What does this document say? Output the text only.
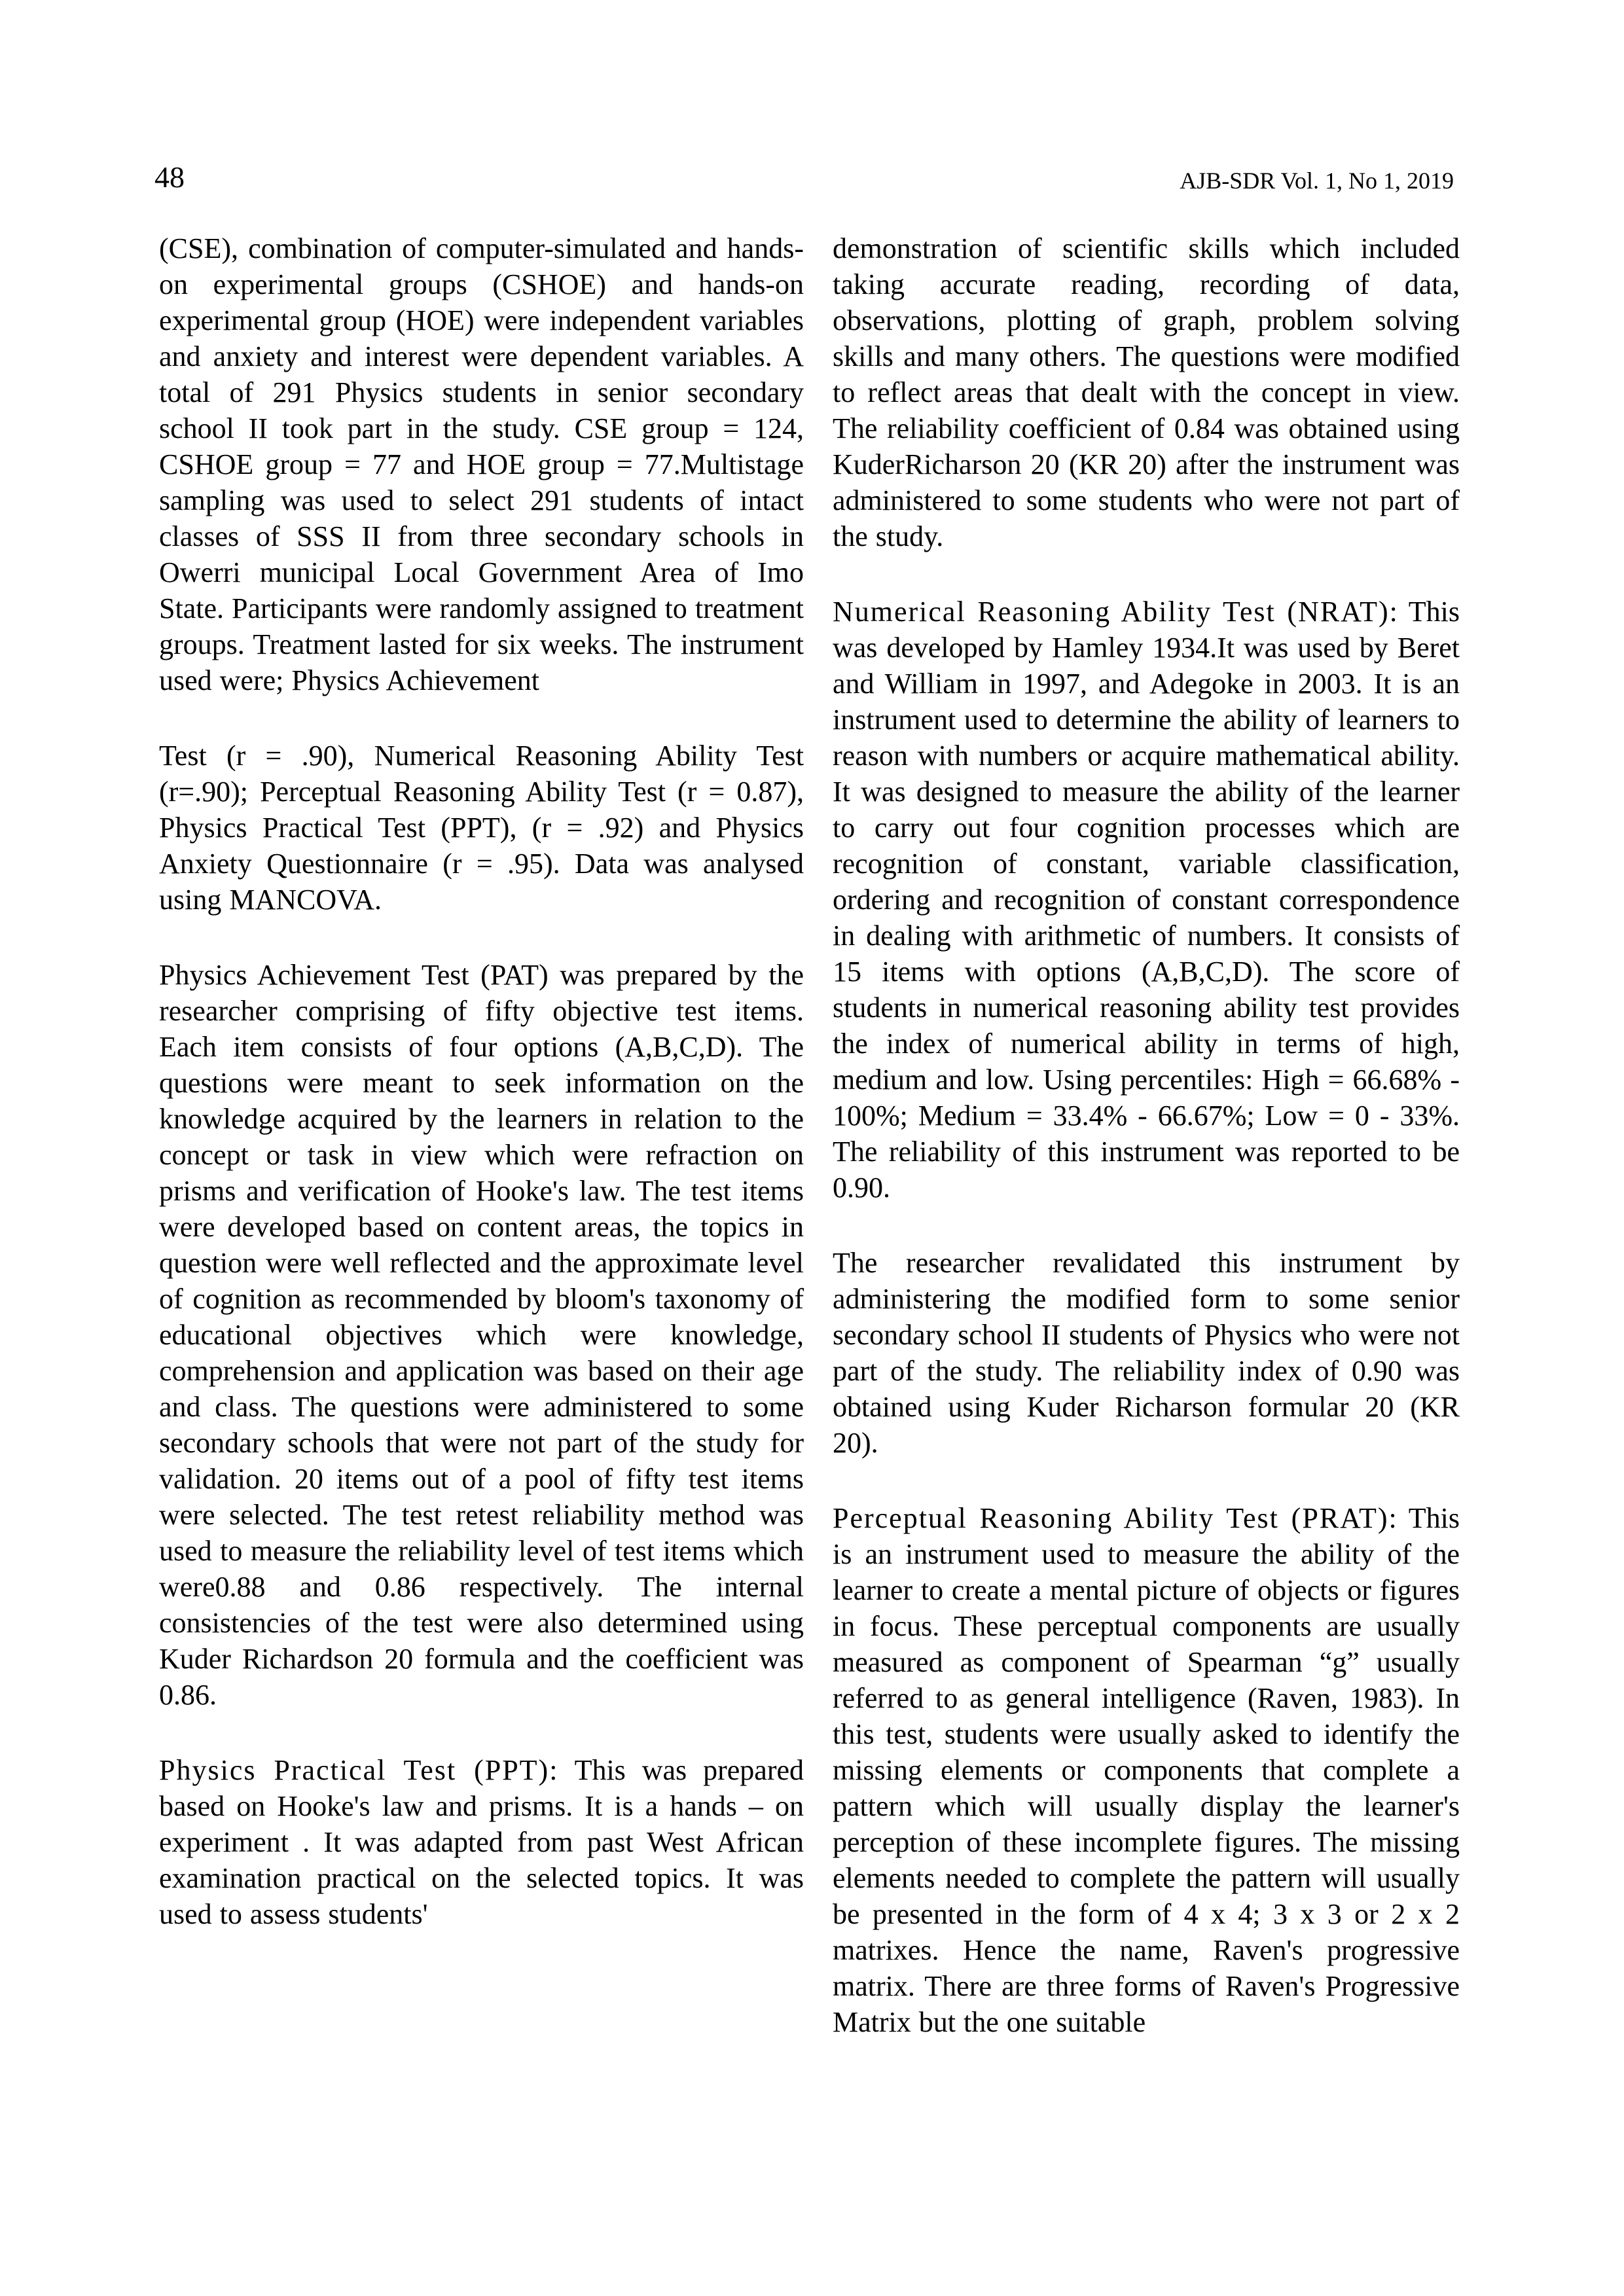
48	AJB-SDR Vol. 1, No 1, 2019

(CSE), combination of computer-simulated and hands-on experimental groups (CSHOE) and hands-on experimental group (HOE) were independent variables and anxiety and interest were dependent variables. A total of 291 Physics students in senior secondary school II took part in the study. CSE group = 124, CSHOE group = 77 and HOE group = 77.Multistage sampling was used to select 291 students of intact classes of SSS II from three secondary schools in Owerri municipal Local Government Area of Imo State. Participants were randomly assigned to treatment groups. Treatment lasted for six weeks. The instrument used were; Physics Achievement

Test (r = .90), Numerical Reasoning Ability Test (r=.90); Perceptual Reasoning Ability Test (r = 0.87), Physics Practical Test (PPT), (r = .92) and Physics Anxiety Questionnaire (r = .95). Data was analysed using MANCOVA.

Physics Achievement Test (PAT) was prepared by the researcher comprising of fifty objective test items. Each item consists of four options (A,B,C,D). The questions were meant to seek information on the knowledge acquired by the learners in relation to the concept or task in view which were refraction on prisms and verification of Hooke's law. The test items were developed based on content areas, the topics in question were well reflected and the approximate level of cognition as recommended by bloom's taxonomy of educational objectives which were knowledge, comprehension and application was based on their age and class. The questions were administered to some secondary schools that were not part of the study for validation. 20 items out of a pool of fifty test items were selected. The test retest reliability method was used to measure the reliability level of test items which were0.88 and 0.86 respectively. The internal consistencies of the test were also determined using Kuder Richardson 20 formula and the coefficient was 0.86.

Physics Practical Test (PPT): This was prepared based on Hooke's law and prisms. It is a hands – on experiment . It was adapted from past West African examination practical on the selected topics. It was used to assess students'

demonstration of scientific skills which included taking accurate reading, recording of data, observations, plotting of graph, problem solving skills and many others. The questions were modified to reflect areas that dealt with the concept in view. The reliability coefficient of 0.84 was obtained using KuderRicharson 20 (KR 20) after the instrument was administered to some students who were not part of the study.

Numerical Reasoning Ability Test (NRAT): This was developed by Hamley 1934.It was used by Beret and William in 1997, and Adegoke in 2003. It is an instrument used to determine the ability of learners to reason with numbers or acquire mathematical ability. It was designed to measure the ability of the learner to carry out four cognition processes which are recognition of constant, variable classification, ordering and recognition of constant correspondence in dealing with arithmetic of numbers. It consists of 15 items with options (A,B,C,D). The score of students in numerical reasoning ability test provides the index of numerical ability in terms of high, medium and low. Using percentiles: High = 66.68% - 100%; Medium = 33.4% - 66.67%; Low = 0 - 33%. The reliability of this instrument was reported to be 0.90.

The researcher revalidated this instrument by administering the modified form to some senior secondary school II students of Physics who were not part of the study. The reliability index of 0.90 was obtained using Kuder Richarson formular 20 (KR 20).

Perceptual Reasoning Ability Test (PRAT): This is an instrument used to measure the ability of the learner to create a mental picture of objects or figures in focus. These perceptual components are usually measured as component of Spearman “g” usually referred to as general intelligence (Raven, 1983). In this test, students were usually asked to identify the missing elements or components that complete a pattern which will usually display the learner's perception of these incomplete figures. The missing elements needed to complete the pattern will usually be presented in the form of 4 x 4; 3 x 3 or 2 x 2 matrixes. Hence the name, Raven's progressive matrix. There are three forms of Raven's Progressive Matrix but the one suitable
